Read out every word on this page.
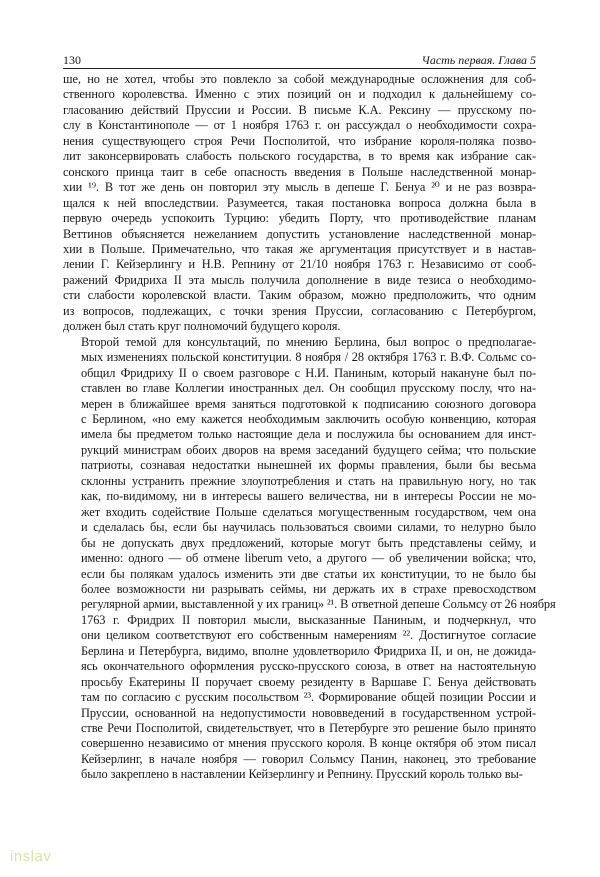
130	Часть первая. Глава 5

ше, но не хотел, чтобы это повлекло за собой международные осложнения для соб-
ственного королевства. Именно с этих позиций он и подходил к дальнейшему со-
гласованию действий Пруссии и России. В письме К.А. Рексину — прусскому по-
слу в Константинополе — от 1 ноября 1763 г. он рассуждал о необходимости сохра-
нения существующего строя Речи Посполитой, что избрание короля-поляка позво-
лит законсервировать слабость польского государства, в то время как избрание сак-
сонского принца таит в себе опасность введения в Польше наследственной монар-
хии ¹⁹. В тот же день он повторил эту мысль в депеше Г. Бенуа ²⁰ и не раз возвра-
щался к ней впоследствии. Разумеется, такая постановка вопроса должна была в
первую очередь успокоить Турцию: убедить Порту, что противодействие планам
Веттинов объясняется нежеланием допустить установление наследственной монар-
хии в Польше. Примечательно, что такая же аргументация присутствует и в настав-
лении Г. Кейзерлингу и Н.В. Репнину от 21/10 ноября 1763 г. Независимо от сооб-
ражений Фридриха II эта мысль получила дополнение в виде тезиса о необходимо-
сти слабости королевской власти. Таким образом, можно предположить, что одним
из вопросов, подлежащих, с точки зрения Пруссии, согласованию с Петербургом,
должен был стать круг полномочий будущего короля.

Второй темой для консультаций, по мнению Берлина, был вопрос о предполагае-
мых изменениях польской конституции. 8 ноября / 28 октября 1763 г. В.Ф. Сольмс со-
общил Фридриху II о своем разговоре с Н.И. Паниным, который накануне был по-
ставлен во главе Коллегии иностранных дел. Он сообщил прусскому послу, что на-
мерен в ближайшее время заняться подготовкой к подписанию союзного договора
с Берлином, «но ему кажется необходимым заключить особую конвенцию, которая
имела бы предметом только настоящие дела и послужила бы основанием для инст-
рукций министрам обоих дворов на время заседаний будущего сейма; что польские
патриоты, сознавая недостатки нынешней их формы правления, были бы весьма
склонны устранить прежние злоупотребления и стать на правильную ногу, но так
как, по-видимому, ни в интересы вашего величества, ни в интересы России не мо-
жет входить содействие Польше сделаться могущественным государством, чем она
и сделалась бы, если бы научилась пользоваться своими силами, то нелурно было
бы не допускать двух предложений, которые могут быть представлены сейму, и
именно: одного — об отмене liberum veto, а другого — об увеличении войска; что,
если бы полякам удалось изменить эти две статьи их конституции, то не было бы
более возможности ни разрывать сеймы, ни держать их в страхе превосходством
регулярной армии, выставленной у их границ» ²¹. В ответной депеше Сольмсу от 26 ноября
1763 г. Фридрих II повторил мысли, высказанные Паниным, и подчеркнул, что
они целиком соответствуют его собственным намерениям ²². Достигнутое согласие
Берлина и Петербурга, видимо, вполне удовлетворило Фридриха II, и он, не дожида-
ясь окончательного оформления русско-прусского союза, в ответ на настоятельную
просьбу Екатерины II поручает своему резиденту в Варшаве Г. Бенуа действовать
там по согласию с русским посольством ²³. Формирование общей позиции России и
Пруссии, основанной на недопустимости нововведений в государственном устрой-
стве Речи Посполитой, свидетельствует, что в Петербурге это решение было принято
совершенно независимо от мнения прусского короля. В конце октября об этом писал
Кейзерлинг, в начале ноября — говорил Сольмсу Панин, наконец, это требование
было закреплено в наставлении Кейзерлингу и Репнину. Прусский король только вы-

inslav
